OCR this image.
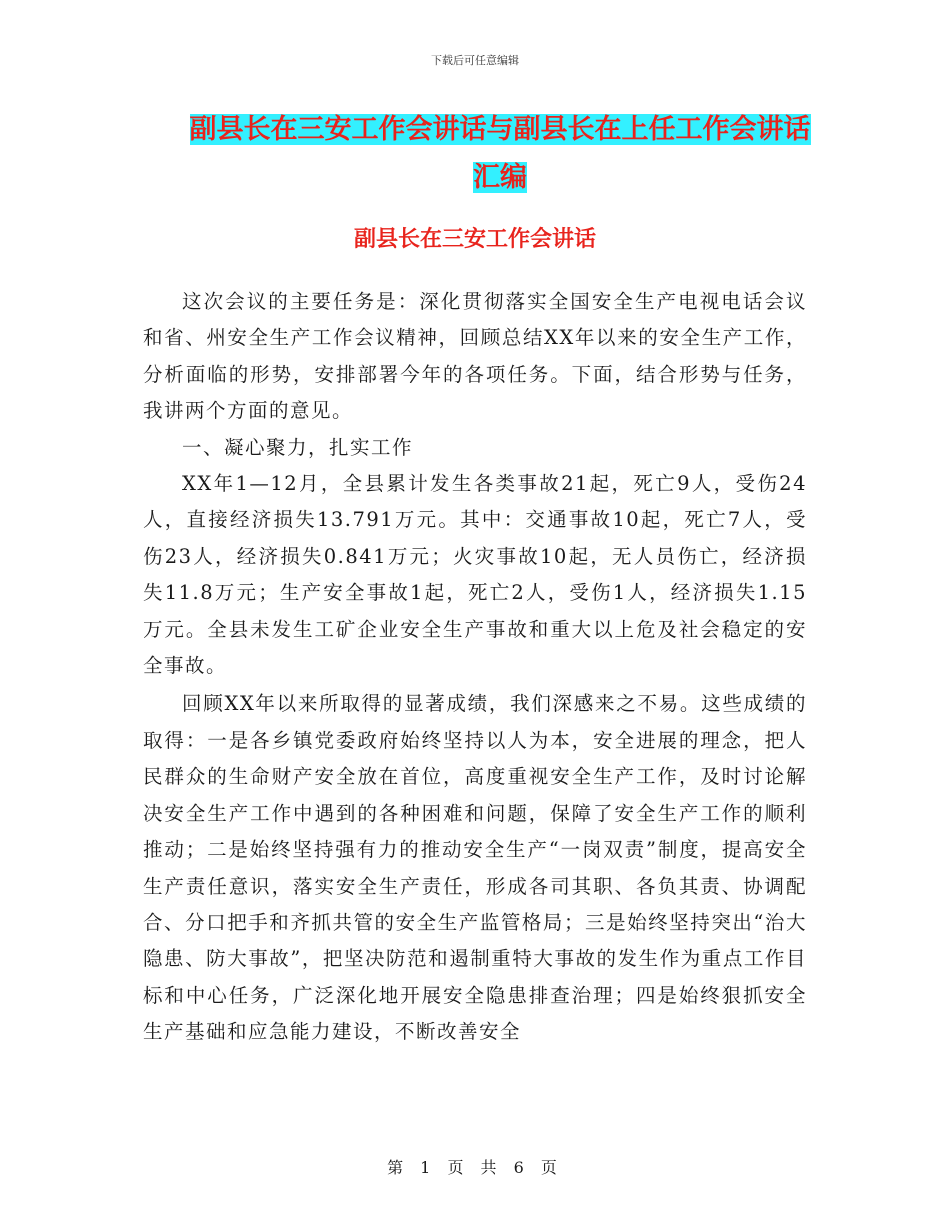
下载后可任意编辑
副县长在三安工作会讲话与副县长在上任工作会讲话
汇编
副县长在三安工作会讲话

这次会议的主要任务是：深化贯彻落实全国安全生产电视电话会议和省、州安全生产工作会议精神，回顾总结XX年以来的安全生产工作，分析面临的形势，安排部署今年的各项任务。下面，结合形势与任务，我讲两个方面的意见。

一、凝心聚力，扎实工作

XX年1—12月，全县累计发生各类事故21起，死亡9人，受伤24人，直接经济损失13.791万元。其中：交通事故10起，死亡7人，受伤23人，经济损失0.841万元；火灾事故10起，无人员伤亡，经济损失11.8万元；生产安全事故1起，死亡2人，受伤1人，经济损失1.15万元。全县未发生工矿企业安全生产事故和重大以上危及社会稳定的安全事故。

回顾XX年以来所取得的显著成绩，我们深感来之不易。这些成绩的取得：一是各乡镇党委政府始终坚持以人为本，安全进展的理念，把人民群众的生命财产安全放在首位，高度重视安全生产工作，及时讨论解决安全生产工作中遇到的各种困难和问题，保障了安全生产工作的顺利推动；二是始终坚持强有力的推动安全生产“一岗双责”制度，提高安全生产责任意识，落实安全生产责任，形成各司其职、各负其责、协调配合、分口把手和齐抓共管的安全生产监管格局；三是始终坚持突出“治大隐患、防大事故”，把坚决防范和遏制重特大事故的发生作为重点工作目标和中心任务，广泛深化地开展安全隐患排查治理；四是始终狠抓安全生产基础和应急能力建设，不断改善安全

第 1 页 共 6 页
